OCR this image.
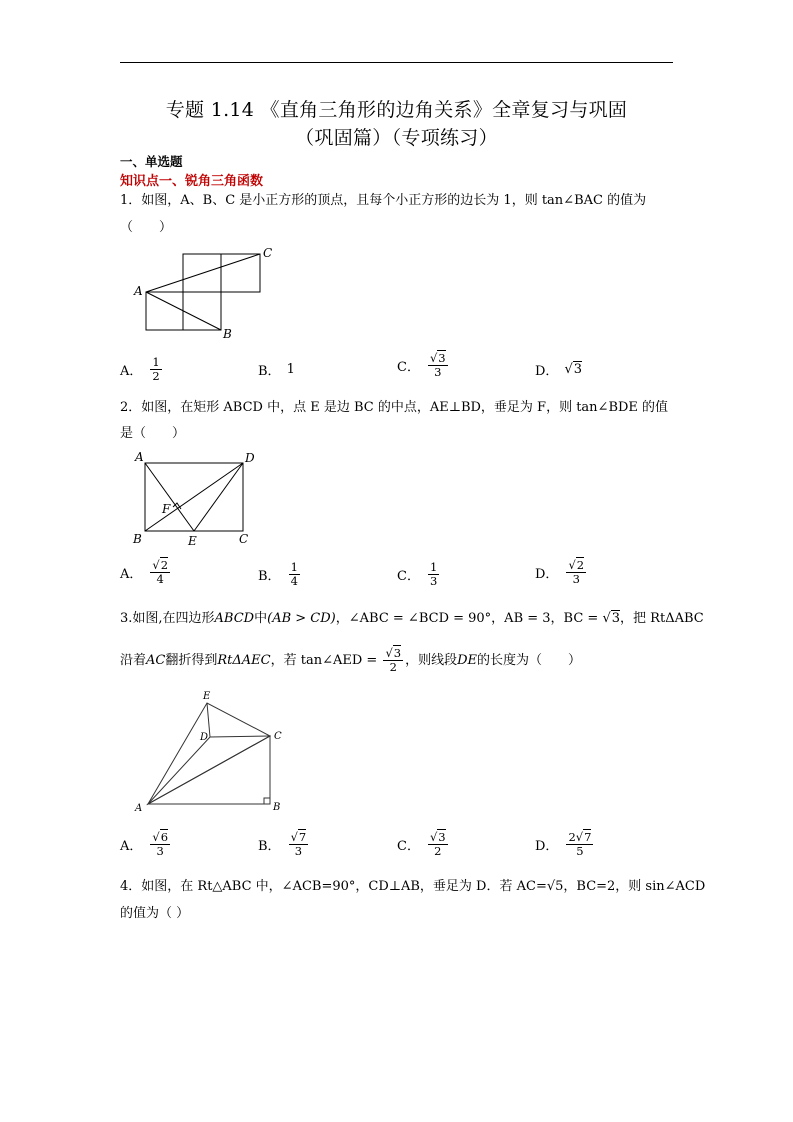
专题 1.14 《直角三角形的边角关系》全章复习与巩固
（巩固篇）（专项练习）
一、单选题
知识点一、锐角三角函数
1．如图，A、B、C 是小正方形的顶点，且每个小正方形的边长为 1，则 tan∠BAC 的值为
（　　）
A
B
C
A． $\frac{1}{2}$	B． 1	C． $\frac{√3}{3}$	D． √3
2．如图，在矩形 ABCD 中，点 E 是边 BC 的中点，AE⊥BD，垂足为 F，则 tan∠BDE 的值
是（　　）
A	D
B	E	C
F
A． $\frac{√2}{4}$	B． $\frac{1}{4}$	C． $\frac{1}{3}$	D． $\frac{√2}{3}$
3.如图,在四边形ABCD中(AB > CD)，∠ABC = ∠BCD = 90°，AB = 3，BC = √3，把 RtΔABC
沿着AC翻折得到RtΔAEC，若 tan∠AED = $\frac{√3}{2}$ ，则线段DE的长度为（　　）
E
D	C
A	B
A． $\frac{√6}{3}$	B． $\frac{√7}{3}$	C． $\frac{√3}{2}$	D． $\frac{2√7}{5}$
4．如图，在 Rt△ABC 中，∠ACB=90°，CD⊥AB，垂足为 D．若 AC=√5，BC=2，则 sin∠ACD
的值为（ ）
